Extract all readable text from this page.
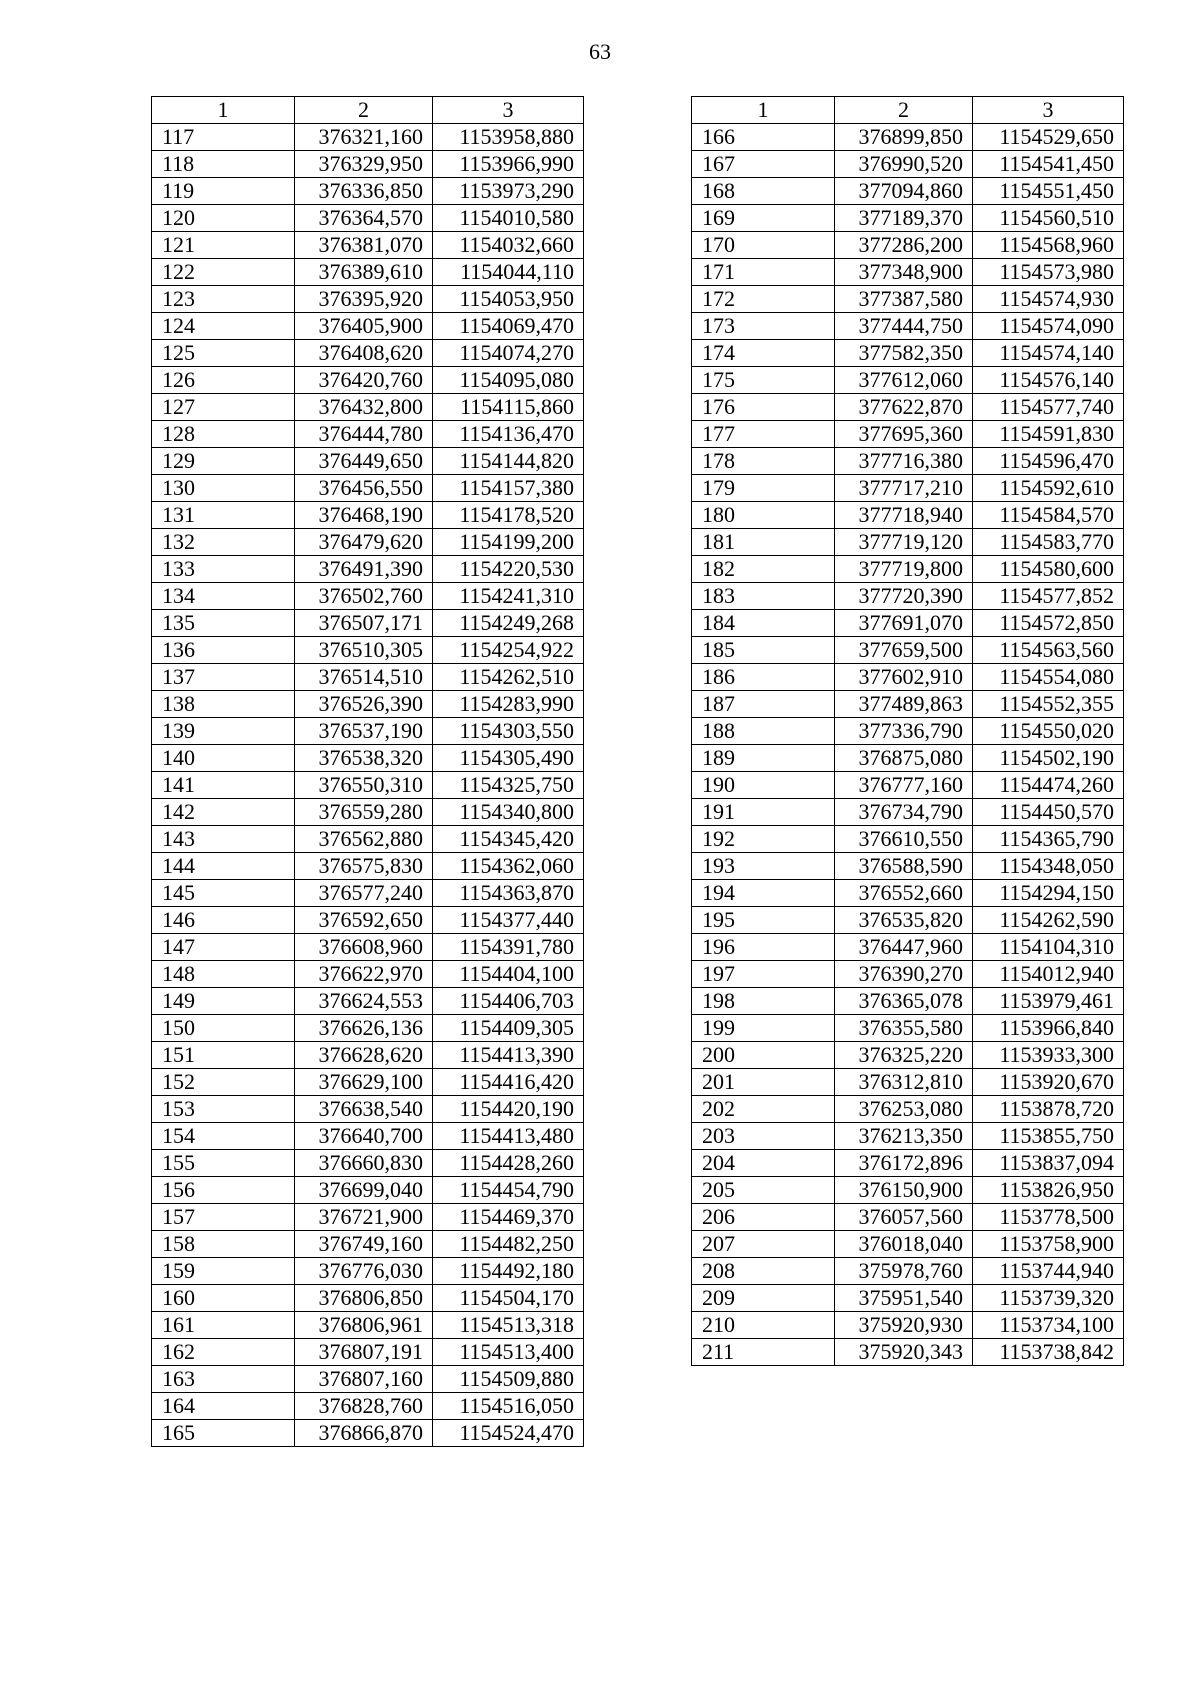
63
1	2	3
117	376321,160	1153958,880
118	376329,950	1153966,990
119	376336,850	1153973,290
120	376364,570	1154010,580
121	376381,070	1154032,660
122	376389,610	1154044,110
123	376395,920	1154053,950
124	376405,900	1154069,470
125	376408,620	1154074,270
126	376420,760	1154095,080
127	376432,800	1154115,860
128	376444,780	1154136,470
129	376449,650	1154144,820
130	376456,550	1154157,380
131	376468,190	1154178,520
132	376479,620	1154199,200
133	376491,390	1154220,530
134	376502,760	1154241,310
135	376507,171	1154249,268
136	376510,305	1154254,922
137	376514,510	1154262,510
138	376526,390	1154283,990
139	376537,190	1154303,550
140	376538,320	1154305,490
141	376550,310	1154325,750
142	376559,280	1154340,800
143	376562,880	1154345,420
144	376575,830	1154362,060
145	376577,240	1154363,870
146	376592,650	1154377,440
147	376608,960	1154391,780
148	376622,970	1154404,100
149	376624,553	1154406,703
150	376626,136	1154409,305
151	376628,620	1154413,390
152	376629,100	1154416,420
153	376638,540	1154420,190
154	376640,700	1154413,480
155	376660,830	1154428,260
156	376699,040	1154454,790
157	376721,900	1154469,370
158	376749,160	1154482,250
159	376776,030	1154492,180
160	376806,850	1154504,170
161	376806,961	1154513,318
162	376807,191	1154513,400
163	376807,160	1154509,880
164	376828,760	1154516,050
165	376866,870	1154524,470
1	2	3
166	376899,850	1154529,650
167	376990,520	1154541,450
168	377094,860	1154551,450
169	377189,370	1154560,510
170	377286,200	1154568,960
171	377348,900	1154573,980
172	377387,580	1154574,930
173	377444,750	1154574,090
174	377582,350	1154574,140
175	377612,060	1154576,140
176	377622,870	1154577,740
177	377695,360	1154591,830
178	377716,380	1154596,470
179	377717,210	1154592,610
180	377718,940	1154584,570
181	377719,120	1154583,770
182	377719,800	1154580,600
183	377720,390	1154577,852
184	377691,070	1154572,850
185	377659,500	1154563,560
186	377602,910	1154554,080
187	377489,863	1154552,355
188	377336,790	1154550,020
189	376875,080	1154502,190
190	376777,160	1154474,260
191	376734,790	1154450,570
192	376610,550	1154365,790
193	376588,590	1154348,050
194	376552,660	1154294,150
195	376535,820	1154262,590
196	376447,960	1154104,310
197	376390,270	1154012,940
198	376365,078	1153979,461
199	376355,580	1153966,840
200	376325,220	1153933,300
201	376312,810	1153920,670
202	376253,080	1153878,720
203	376213,350	1153855,750
204	376172,896	1153837,094
205	376150,900	1153826,950
206	376057,560	1153778,500
207	376018,040	1153758,900
208	375978,760	1153744,940
209	375951,540	1153739,320
210	375920,930	1153734,100
211	375920,343	1153738,842
